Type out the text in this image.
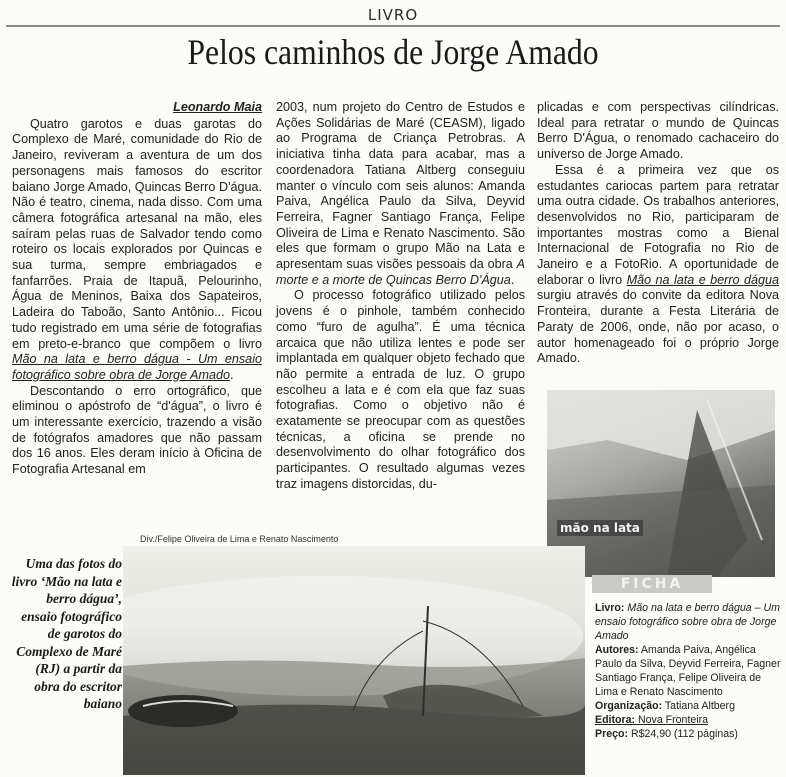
LIVRO
Pelos caminhos de Jorge Amado

Leonardo Maia

Quatro garotos e duas garotas do Complexo de Maré, comunidade do Rio de Janeiro, reviveram a aventura de um dos personagens mais famosos do escritor baiano Jorge Amado, Quincas Berro D'água. Não é teatro, cinema, nada disso. Com uma câmera fotográfica artesanal na mão, eles saíram pelas ruas de Salvador tendo como roteiro os locais explorados por Quincas e sua turma, sempre embriagados e fanfarrões. Praia de Itapuã, Pelourinho, Água de Meninos, Baixa dos Sapateiros, Ladeira do Taboão, Santo Antônio... Ficou tudo registrado em uma série de fotografias em preto-e-branco que compõem o livro Mão na lata e berro dágua - Um ensaio fotográfico sobre obra de Jorge Amado.

Descontando o erro ortográfico, que eliminou o apóstrofo de “d'água”, o livro é um interessante exercício, trazendo a visão de fotógrafos amadores que não passam dos 16 anos. Eles deram início à Oficina de Fotografia Artesanal em

2003, num projeto do Centro de Estudos e Ações Solidárias de Maré (CEASM), ligado ao Programa de Criança Petrobras. A iniciativa tinha data para acabar, mas a coordenadora Tatiana Altberg conseguiu manter o vínculo com seis alunos: Amanda Paiva, Angélica Paulo da Silva, Deyvid Ferreira, Fagner Santiago França, Felipe Oliveira de Lima e Renato Nascimento. São eles que formam o grupo Mão na Lata e apresentam suas visões pessoais da obra A morte e a morte de Quincas Berro D'Água.

O processo fotográfico utilizado pelos jovens é o pinhole, também conhecido como “furo de agulha”. É uma técnica arcaica que não utiliza lentes e pode ser implantada em qualquer objeto fechado que não permite a entrada de luz. O grupo escolheu a lata e é com ela que faz suas fotografias. Como o objetivo não é exatamente se preocupar com as questões técnicas, a oficina se prende no desenvolvimento do olhar fotográfico dos participantes. O resultado algumas vezes traz imagens distorcidas, du-

plicadas e com perspectivas cilíndricas. Ideal para retratar o mundo de Quincas Berro D'Água, o renomado cachaceiro do universo de Jorge Amado.

Essa é a primeira vez que os estudantes cariocas partem para retratar uma outra cidade. Os trabalhos anteriores, desenvolvidos no Rio, participaram de importantes mostras como a Bienal Internacional de Fotografia no Rio de Janeiro e a FotoRio. A oportunidade de elaborar o livro Mão na lata e berro dágua surgiu através do convite da editora Nova Fronteira, durante a Festa Literária de Paraty de 2006, onde, não por acaso, o autor homenageado foi o próprio Jorge Amado.

mão na lata
FICHA
Div./Felipe Oliveira de Lima e Renato Nascimento
Uma das fotos do livro ‘Mão na lata e berro dágua’, ensaio fotográfico de garotos do Complexo de Maré (RJ) a partir da obra do escritor baiano

Livro: Mão na lata e berro dágua – Um ensaio fotográfico sobre obra de Jorge Amado

Autores: Amanda Paiva, Angélica Paulo da Silva, Deyvid Ferreira, Fagner Santiago França, Felipe Oliveira de Lima e Renato Nascimento

Organização: Tatiana Altberg

Editora: Nova Fronteira

Preço: R$24,90 (112 páginas)
